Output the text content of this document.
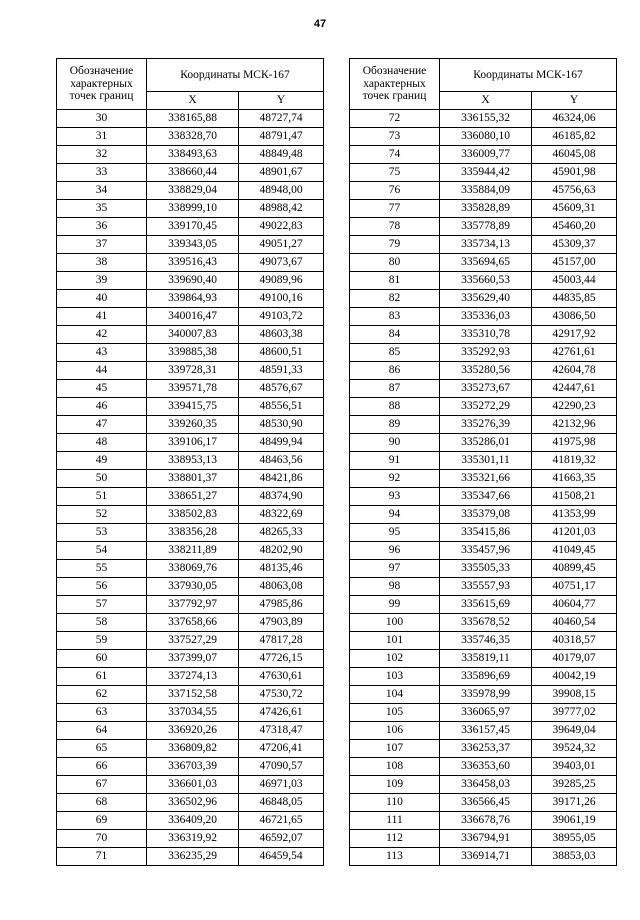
47
Обозначение
характерных
точек границ	Координаты МСК-167	
	X	Y
30	338165,88	48727,74
31	338328,70	48791,47
32	338493,63	48849,48
33	338660,44	48901,67
34	338829,04	48948,00
35	338999,10	48988,42
36	339170,45	49022,83
37	339343,05	49051,27
38	339516,43	49073,67
39	339690,40	49089,96
40	339864,93	49100,16
41	340016,47	49103,72
42	340007,83	48603,38
43	339885,38	48600,51
44	339728,31	48591,33
45	339571,78	48576,67
46	339415,75	48556,51
47	339260,35	48530,90
48	339106,17	48499,94
49	338953,13	48463,56
50	338801,37	48421,86
51	338651,27	48374,90
52	338502,83	48322,69
53	338356,28	48265,33
54	338211,89	48202,90
55	338069,76	48135,46
56	337930,05	48063,08
57	337792,97	47985,86
58	337658,66	47903,89
59	337527,29	47817,28
60	337399,07	47726,15
61	337274,13	47630,61
62	337152,58	47530,72
63	337034,55	47426,61
64	336920,26	47318,47
65	336809,82	47206,41
66	336703,39	47090,57
67	336601,03	46971,03
68	336502,96	46848,05
69	336409,20	46721,65
70	336319,92	46592,07
71	336235,29	46459,54
Обозначение
характерных
точек границ	Координаты МСК-167	
	X	Y
72	336155,32	46324,06
73	336080,10	46185,82
74	336009,77	46045,08
75	335944,42	45901,98
76	335884,09	45756,63
77	335828,89	45609,31
78	335778,89	45460,20
79	335734,13	45309,37
80	335694,65	45157,00
81	335660,53	45003,44
82	335629,40	44835,85
83	335336,03	43086,50
84	335310,78	42917,92
85	335292,93	42761,61
86	335280,56	42604,78
87	335273,67	42447,61
88	335272,29	42290,23
89	335276,39	42132,96
90	335286,01	41975,98
91	335301,11	41819,32
92	335321,66	41663,35
93	335347,66	41508,21
94	335379,08	41353,99
95	335415,86	41201,03
96	335457,96	41049,45
97	335505,33	40899,45
98	335557,93	40751,17
99	335615,69	40604,77
100	335678,52	40460,54
101	335746,35	40318,57
102	335819,11	40179,07
103	335896,69	40042,19
104	335978,99	39908,15
105	336065,97	39777,02
106	336157,45	39649,04
107	336253,37	39524,32
108	336353,60	39403,01
109	336458,03	39285,25
110	336566,45	39171,26
111	336678,76	39061,19
112	336794,91	38955,05
113	336914,71	38853,03
